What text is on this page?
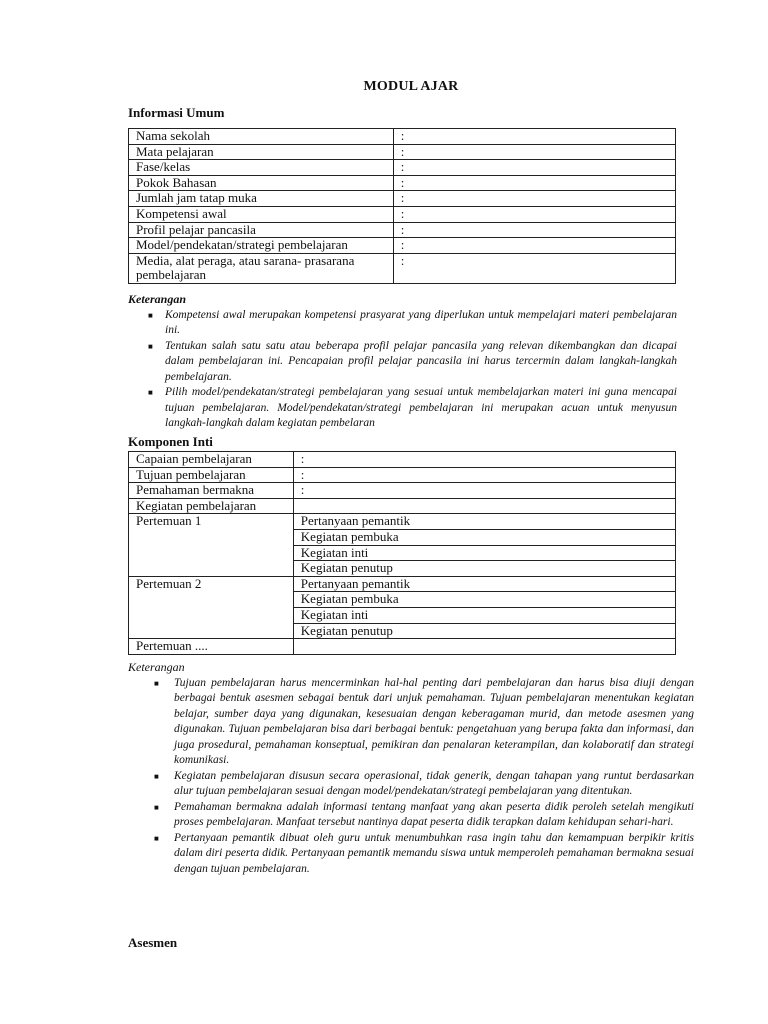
MODUL AJAR
Informasi Umum
Nama sekolah	:
Mata pelajaran	:
Fase/kelas	:
Pokok Bahasan	:
Jumlah jam tatap muka	:
Kompetensi awal	:
Profil pelajar pancasila	:
Model/pendekatan/strategi pembelajaran	:
Media, alat peraga, atau sarana- prasarana pembelajaran	:
Keterangan
■ Kompetensi awal merupakan kompetensi prasyarat yang diperlukan untuk mempelajari materi pembelajaran ini.
■ Tentukan salah satu satu atau beberapa profil pelajar pancasila yang relevan dikembangkan dan dicapai dalam pembelajaran ini. Pencapaian profil pelajar pancasila ini harus tercermin dalam langkah-langkah pembelajaran.
■ Pilih model/pendekatan/strategi pembelajaran yang sesuai untuk membelajarkan materi ini guna mencapai tujuan pembelajaran. Model/pendekatan/strategi pembelajaran ini merupakan acuan untuk menyusun langkah-langkah dalam kegiatan pembelaran
Komponen Inti
Capaian pembelajaran	:
Tujuan pembelajaran	:
Pemahaman bermakna	:
Kegiatan pembelajaran	
Pertemuan 1	Pertanyaan pemantik
	Kegiatan pembuka
	Kegiatan inti
	Kegiatan penutup
Pertemuan 2	Pertanyaan pemantik
	Kegiatan pembuka
	Kegiatan inti
	Kegiatan penutup
Pertemuan ....	
Keterangan
■ Tujuan pembelajaran harus mencerminkan hal-hal penting dari pembelajaran dan harus bisa diuji dengan berbagai bentuk asesmen sebagai bentuk dari unjuk pemahaman. Tujuan pembelajaran menentukan kegiatan belajar, sumber daya yang digunakan, kesesuaian dengan keberagaman murid, dan metode asesmen yang digunakan. Tujuan pembelajaran bisa dari berbagai bentuk: pengetahuan yang berupa fakta dan informasi, dan juga prosedural, pemahaman konseptual, pemikiran dan penalaran keterampilan, dan kolaboratif dan strategi komunikasi.
■ Kegiatan pembelajaran disusun secara operasional, tidak generik, dengan tahapan yang runtut berdasarkan alur tujuan pembelajaran sesuai dengan model/pendekatan/strategi pembelajaran yang ditentukan.
■ Pemahaman bermakna adalah informasi tentang manfaat yang akan peserta didik peroleh setelah mengikuti proses pembelajaran. Manfaat tersebut nantinya dapat peserta didik terapkan dalam kehidupan sehari-hari.
■ Pertanyaan pemantik dibuat oleh guru untuk menumbuhkan rasa ingin tahu dan kemampuan berpikir kritis dalam diri peserta didik. Pertanyaan pemantik memandu siswa untuk memperoleh pemahaman bermakna sesuai dengan tujuan pembelajaran.
Asesmen
